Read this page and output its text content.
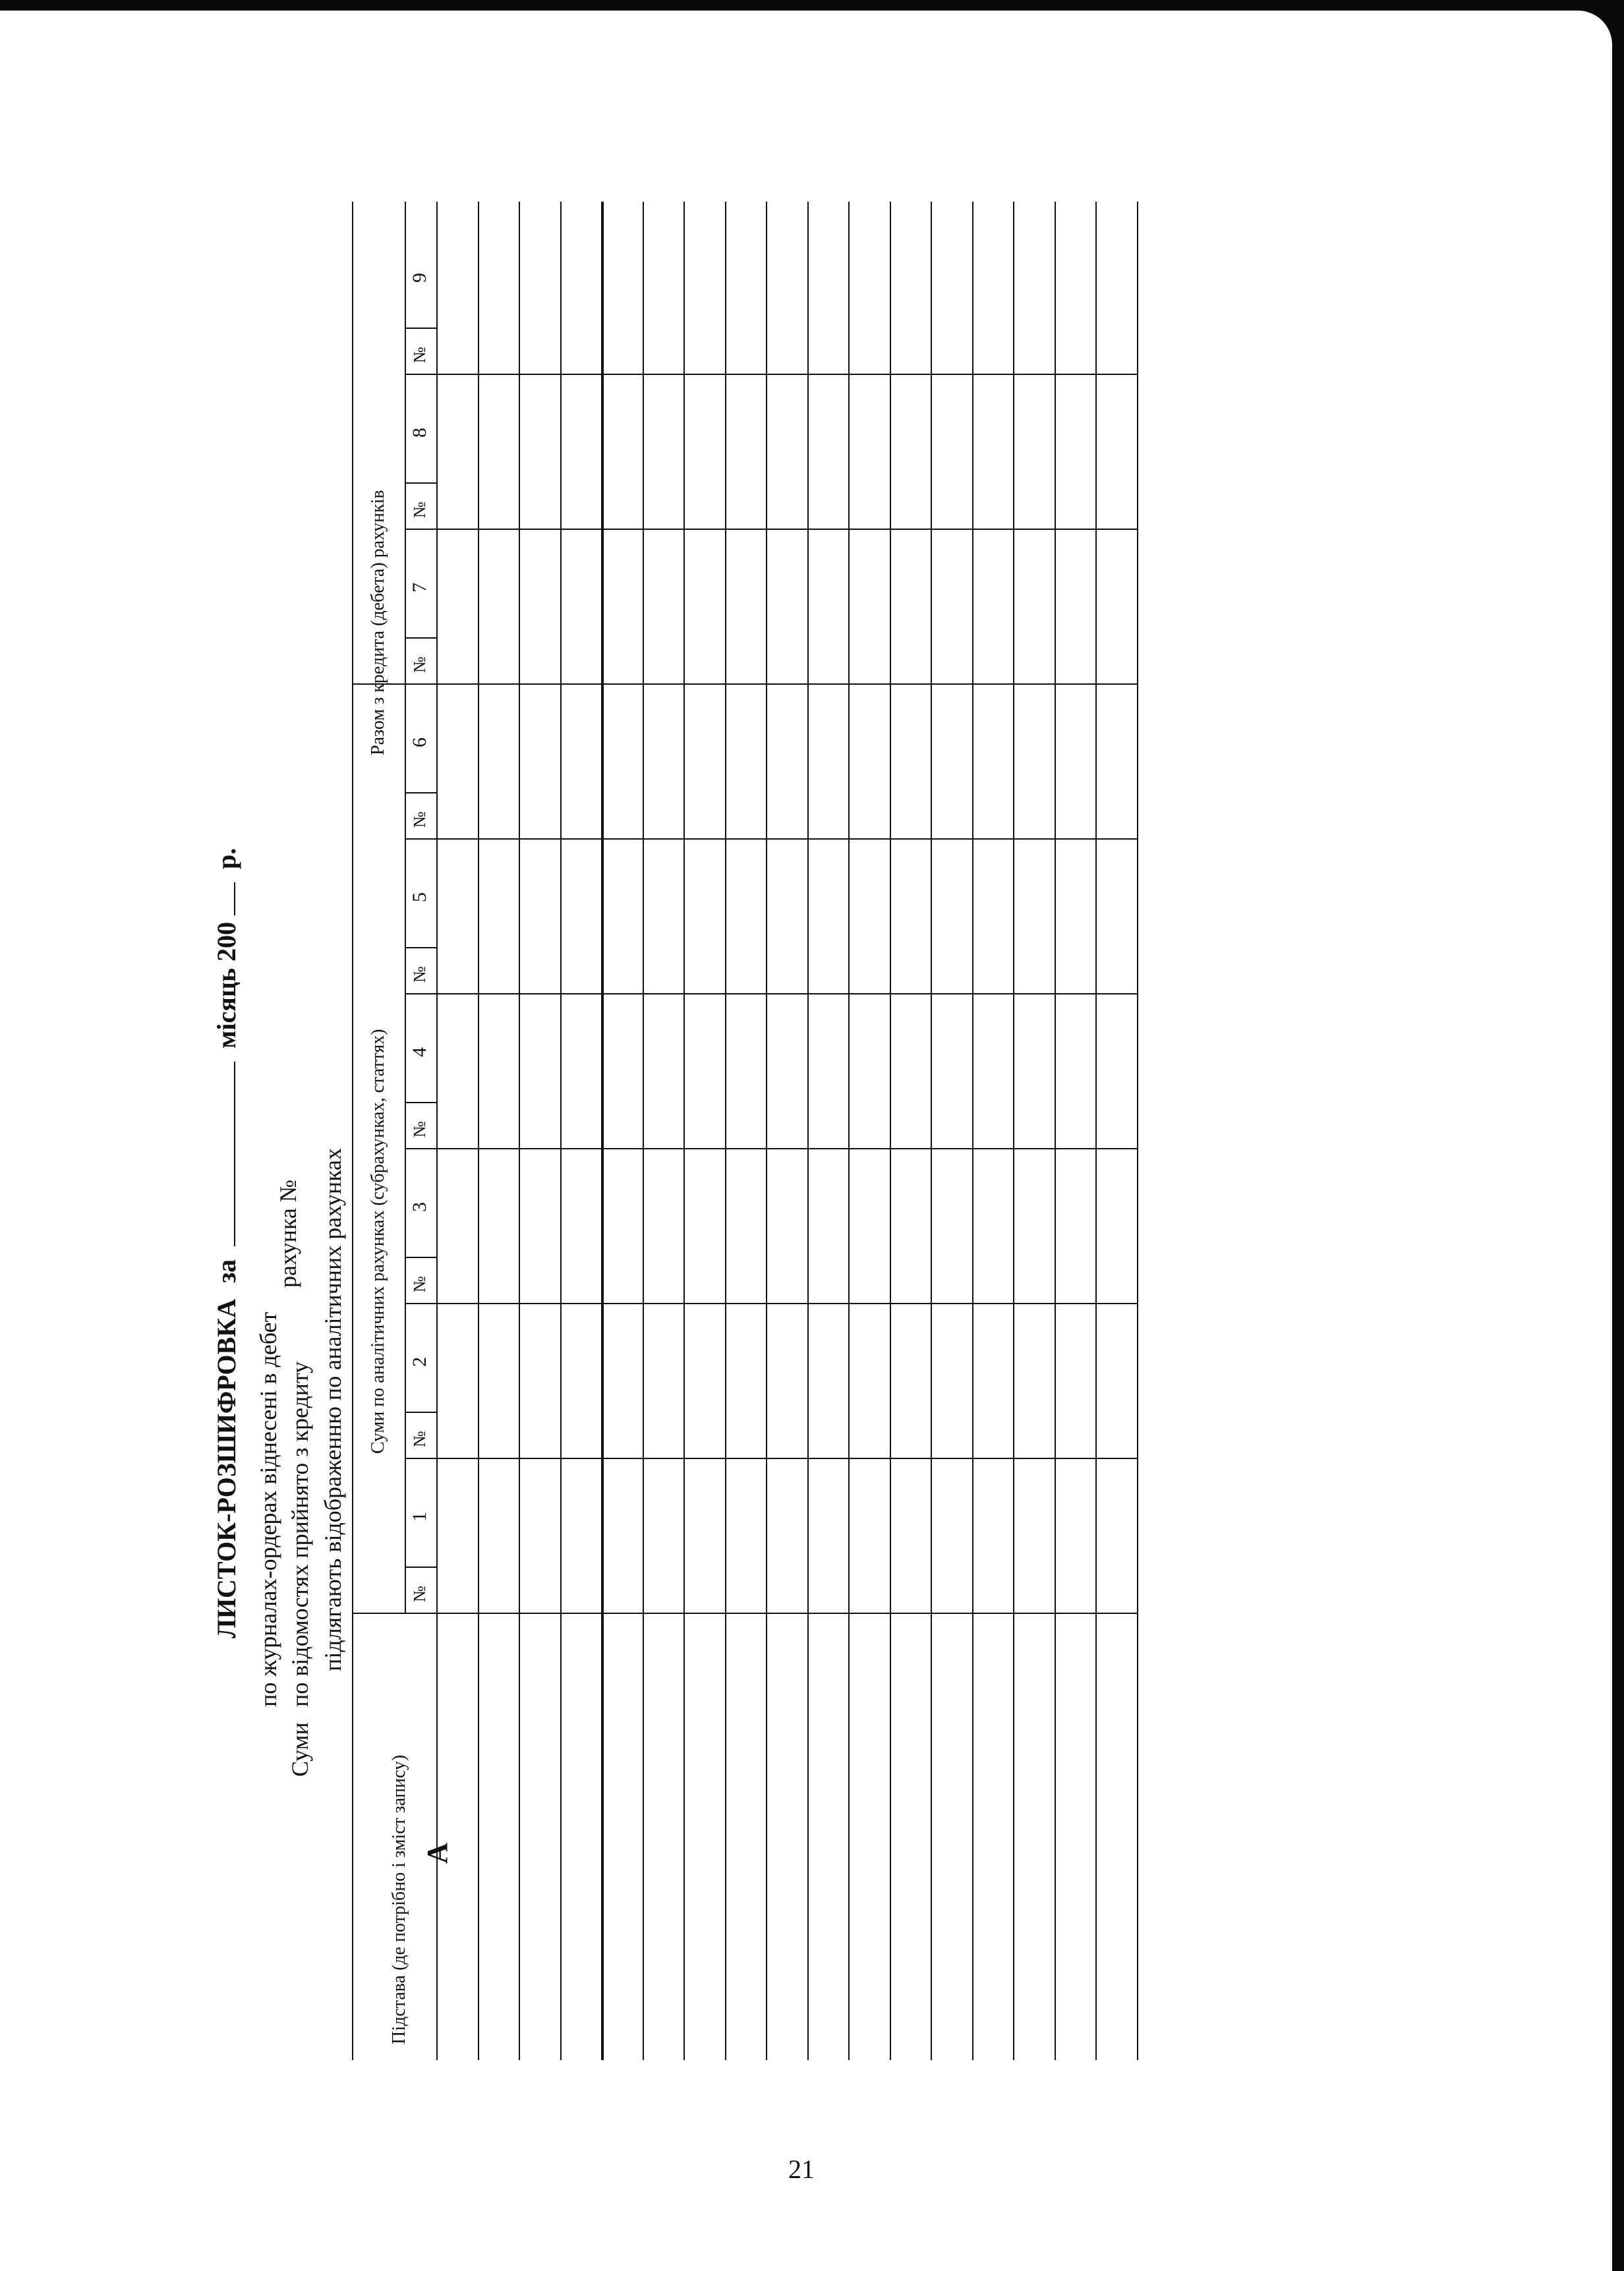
ЛИСТОК-РОЗШИФРОВКА за  місяць 200  р.
Суми
по журналах-ордерах віднесені в дебет по відомостях прийнято з кредиту
рахунка № підлягають відображенню по аналітичних рахунках
Підстава (де потрібно і зміст запису)
Суми по аналітичних рахунках (субрахунках, статтях)
Разом з кредита (дебета) рахунків
А
№
1
№
2
№
3
№
4
№
5
№
6
№
7
№
8
№
9
21
